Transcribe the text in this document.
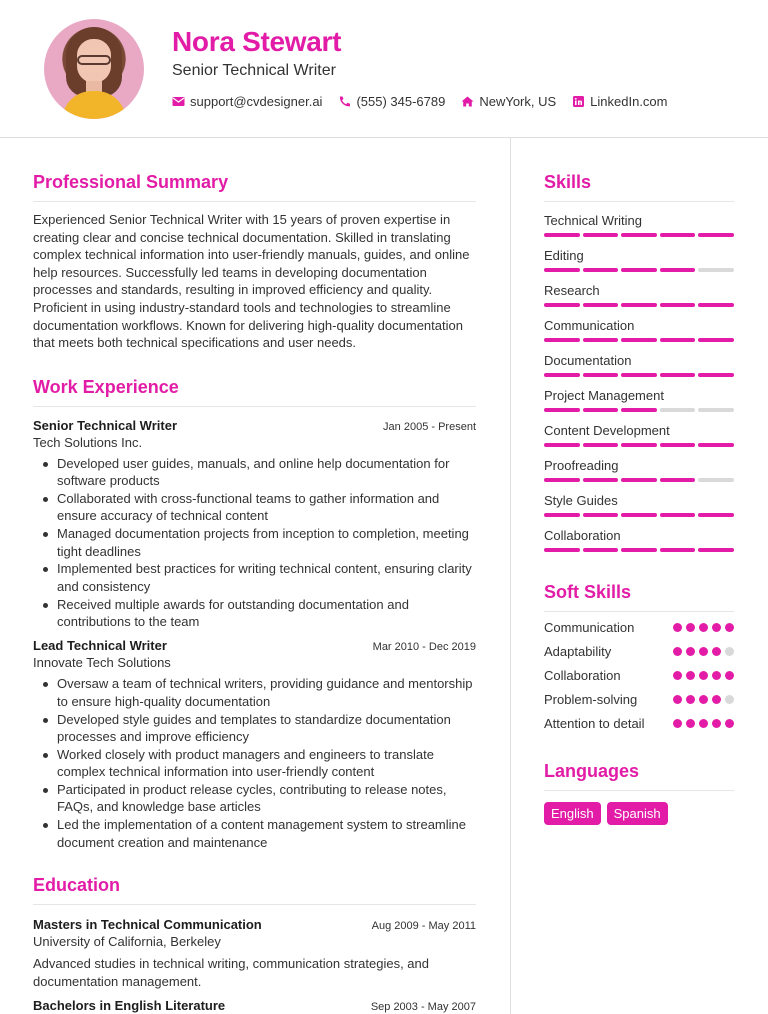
Nora Stewart
Senior Technical Writer
support@cvdesigner.ai	(555) 345-6789	NewYork, US	LinkedIn.com
Professional Summary

Experienced Senior Technical Writer with 15 years of proven expertise in creating clear and concise technical documentation. Skilled in translating complex technical information into user-friendly manuals, guides, and online help resources. Successfully led teams in developing documentation processes and standards, resulting in improved efficiency and quality. Proficient in using industry-standard tools and technologies to streamline documentation workflows. Known for delivering high-quality documentation that meets both technical specifications and user needs.

Work Experience
Senior Technical Writer	Jan 2005 - Present
Tech Solutions Inc.
Developed user guides, manuals, and online help documentation for software products
Collaborated with cross-functional teams to gather information and ensure accuracy of technical content
Managed documentation projects from inception to completion, meeting tight deadlines
Implemented best practices for writing technical content, ensuring clarity and consistency
Received multiple awards for outstanding documentation and contributions to the team
Lead Technical Writer	Mar 2010 - Dec 2019
Innovate Tech Solutions
Oversaw a team of technical writers, providing guidance and mentorship to ensure high-quality documentation
Developed style guides and templates to standardize documentation processes and improve efficiency
Worked closely with product managers and engineers to translate complex technical information into user-friendly content
Participated in product release cycles, contributing to release notes, FAQs, and knowledge base articles
Led the implementation of a content management system to streamline document creation and maintenance
Education
Masters in Technical Communication	Aug 2009 - May 2011
University of California, Berkeley
Advanced studies in technical writing, communication strategies, and documentation management.
Bachelors in English Literature	Sep 2003 - May 2007
Skills
Technical Writing
Editing
Research
Communication
Documentation
Project Management
Content Development
Proofreading
Style Guides
Collaboration
Soft Skills
Communication
Adaptability
Collaboration
Problem-solving
Attention to detail
Languages
English	Spanish
